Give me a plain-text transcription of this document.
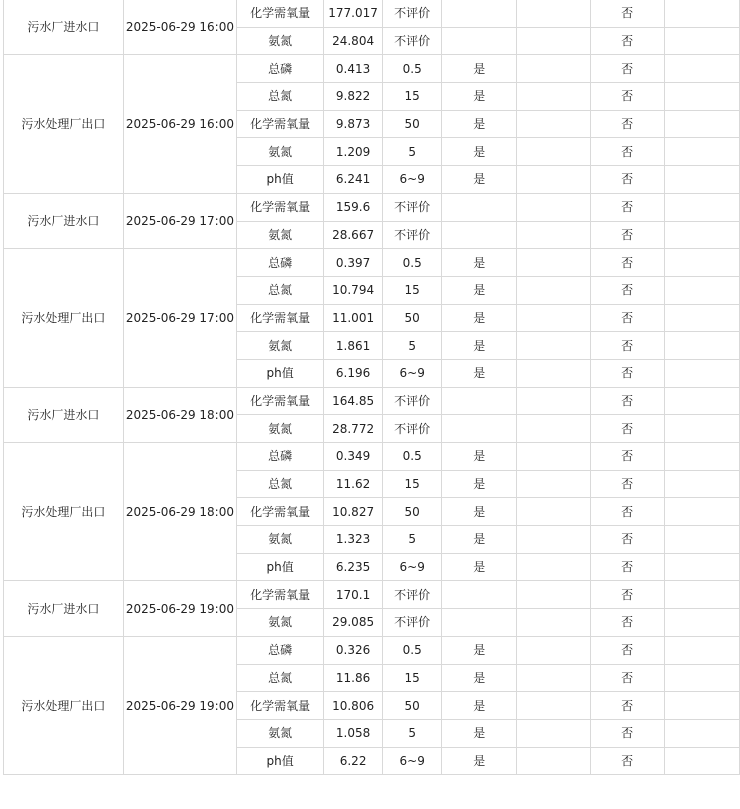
污水厂进水口	2025-06-29 16:00	化学需氧量	177.017	不评价			否	
		氨氮	24.804	不评价			否	
污水处理厂出口	2025-06-29 16:00	总磷	0.413	0.5	是		否	
		总氮	9.822	15	是		否	
		化学需氧量	9.873	50	是		否	
		氨氮	1.209	5	是		否	
		ph值	6.241	6~9	是		否	
污水厂进水口	2025-06-29 17:00	化学需氧量	159.6	不评价			否	
		氨氮	28.667	不评价			否	
污水处理厂出口	2025-06-29 17:00	总磷	0.397	0.5	是		否	
		总氮	10.794	15	是		否	
		化学需氧量	11.001	50	是		否	
		氨氮	1.861	5	是		否	
		ph值	6.196	6~9	是		否	
污水厂进水口	2025-06-29 18:00	化学需氧量	164.85	不评价			否	
		氨氮	28.772	不评价			否	
污水处理厂出口	2025-06-29 18:00	总磷	0.349	0.5	是		否	
		总氮	11.62	15	是		否	
		化学需氧量	10.827	50	是		否	
		氨氮	1.323	5	是		否	
		ph值	6.235	6~9	是		否	
污水厂进水口	2025-06-29 19:00	化学需氧量	170.1	不评价			否	
		氨氮	29.085	不评价			否	
污水处理厂出口	2025-06-29 19:00	总磷	0.326	0.5	是		否	
		总氮	11.86	15	是		否	
		化学需氧量	10.806	50	是		否	
		氨氮	1.058	5	是		否	
		ph值	6.22	6~9	是		否	
